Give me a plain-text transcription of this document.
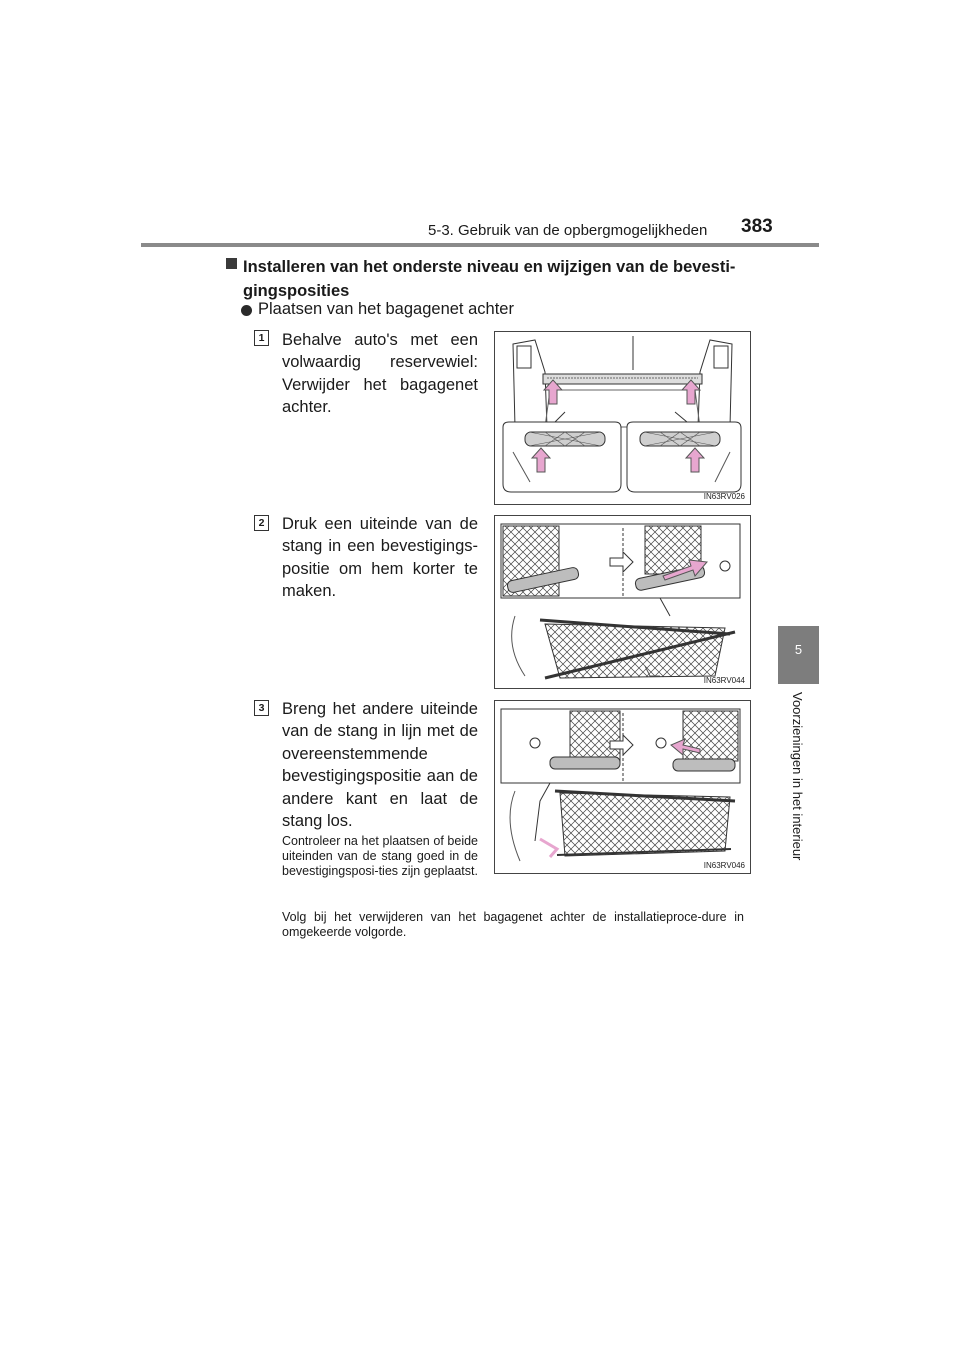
5-3. Gebruik van de opbergmogelijkheden 383
5
Voorzieningen in het interieur
Installeren van het onderste niveau en wijzigen van de bevesti-
gingsposities
Plaatsen van het bagagenet achter
1 Behalve auto's met een volwaardig reservewiel: Verwijder het bagagenet achter.
IN63RV026
2 Druk een uiteinde van de stang in een bevestigings-positie om hem korter te maken.
IN63RV044
3 Breng het andere uiteinde van de stang in lijn met de overeenstemmende bevestigingspositie aan de andere kant en laat de stang los.
IN63RV046
Controleer na het plaatsen of beide uiteinden van de stang goed in de bevestigingsposi-ties zijn geplaatst.
Volg bij het verwijderen van het bagagenet achter de installatieproce-dure in omgekeerde volgorde.
